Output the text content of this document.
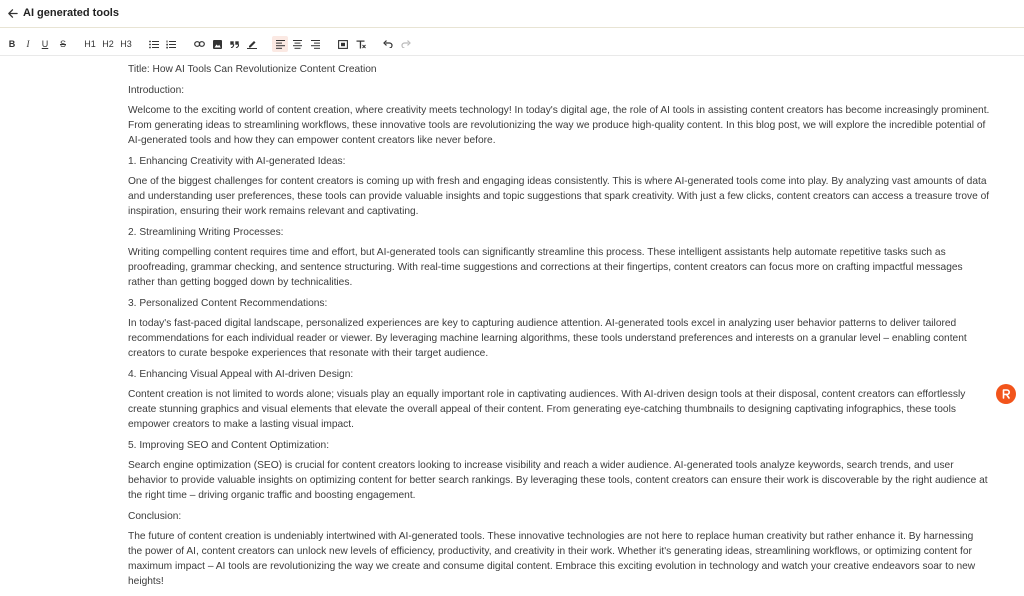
AI generated tools
B	I	U	S	H1 H2 H3

Title: How AI Tools Can Revolutionize Content Creation

Introduction:

Welcome to the exciting world of content creation, where creativity meets technology! In today's digital age, the role of AI tools in assisting content creators has become increasingly prominent. From generating ideas to streamlining workflows, these innovative tools are revolutionizing the way we produce high-quality content. In this blog post, we will explore the incredible potential of AI-generated tools and how they can empower content creators like never before.

1. Enhancing Creativity with AI-generated Ideas:

One of the biggest challenges for content creators is coming up with fresh and engaging ideas consistently. This is where AI-generated tools come into play. By analyzing vast amounts of data and understanding user preferences, these tools can provide valuable insights and topic suggestions that spark creativity. With just a few clicks, content creators can access a treasure trove of inspiration, ensuring their work remains relevant and captivating.

2. Streamlining Writing Processes:

Writing compelling content requires time and effort, but AI-generated tools can significantly streamline this process. These intelligent assistants help automate repetitive tasks such as proofreading, grammar checking, and sentence structuring. With real-time suggestions and corrections at their fingertips, content creators can focus more on crafting impactful messages rather than getting bogged down by technicalities.

3. Personalized Content Recommendations:

In today's fast-paced digital landscape, personalized experiences are key to capturing audience attention. AI-generated tools excel in analyzing user behavior patterns to deliver tailored recommendations for each individual reader or viewer. By leveraging machine learning algorithms, these tools understand preferences and interests on a granular level – enabling content creators to curate bespoke experiences that resonate with their target audience.

4. Enhancing Visual Appeal with AI-driven Design:

Content creation is not limited to words alone; visuals play an equally important role in captivating audiences. With AI-driven design tools at their disposal, content creators can effortlessly create stunning graphics and visual elements that elevate the overall appeal of their content. From generating eye-catching thumbnails to designing captivating infographics, these tools empower creators to make a lasting visual impact.

5. Improving SEO and Content Optimization:

Search engine optimization (SEO) is crucial for content creators looking to increase visibility and reach a wider audience. AI-generated tools analyze keywords, search trends, and user behavior to provide valuable insights on optimizing content for better search rankings. By leveraging these tools, content creators can ensure their work is discoverable by the right audience at the right time – driving organic traffic and boosting engagement.

Conclusion:

The future of content creation is undeniably intertwined with AI-generated tools. These innovative technologies are not here to replace human creativity but rather enhance it. By harnessing the power of AI, content creators can unlock new levels of efficiency, productivity, and creativity in their work. Whether it's generating ideas, streamlining workflows, or optimizing content for maximum impact – AI tools are revolutionizing the way we create and consume digital content. Embrace this exciting evolution in technology and watch your creative endeavors soar to new heights!
